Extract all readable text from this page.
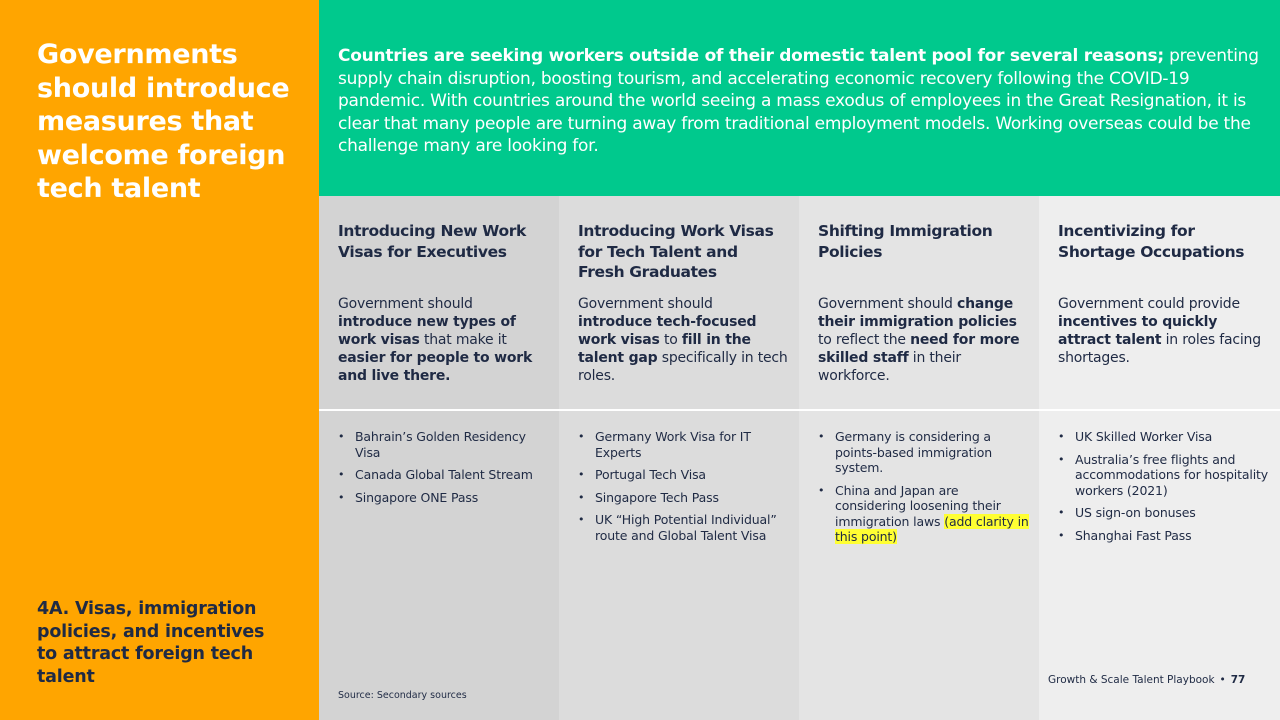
Governments should introduce measures that welcome foreign tech talent
4A. Visas, immigration policies, and incentives to attract foreign tech talent
Countries are seeking workers outside of their domestic talent pool for several reasons; preventing supply chain disruption, boosting tourism, and accelerating economic recovery following the COVID-19 pandemic. With countries around the world seeing a mass exodus of employees in the Great Resignation, it is clear that many people are turning away from traditional employment models. Working overseas could be the challenge many are looking for.
Introducing New Work Visas for Executives
Government should introduce new types of work visas that make it easier for people to work and live there.
• Bahrain’s Golden Residency Visa
• Canada Global Talent Stream
• Singapore ONE Pass
Introducing Work Visas for Tech Talent and Fresh Graduates
Government should introduce tech-focused work visas to fill in the talent gap specifically in tech roles.
• Germany Work Visa for IT Experts
• Portugal Tech Visa
• Singapore Tech Pass
• UK “High Potential Individual” route and Global Talent Visa
Shifting Immigration Policies
Government should change their immigration policies to reflect the need for more skilled staff in their workforce.
• Germany is considering a points-based immigration system.
• China and Japan are considering loosening their immigration laws (add clarity in this point)
Incentivizing for Shortage Occupations
Government could provide incentives to quickly attract talent in roles facing shortages.
• UK Skilled Worker Visa
• Australia’s free flights and accommodations for hospitality workers (2021)
• US sign-on bonuses
• Shanghai Fast Pass
Source: Secondary sources
Growth & Scale Talent Playbook • 77
